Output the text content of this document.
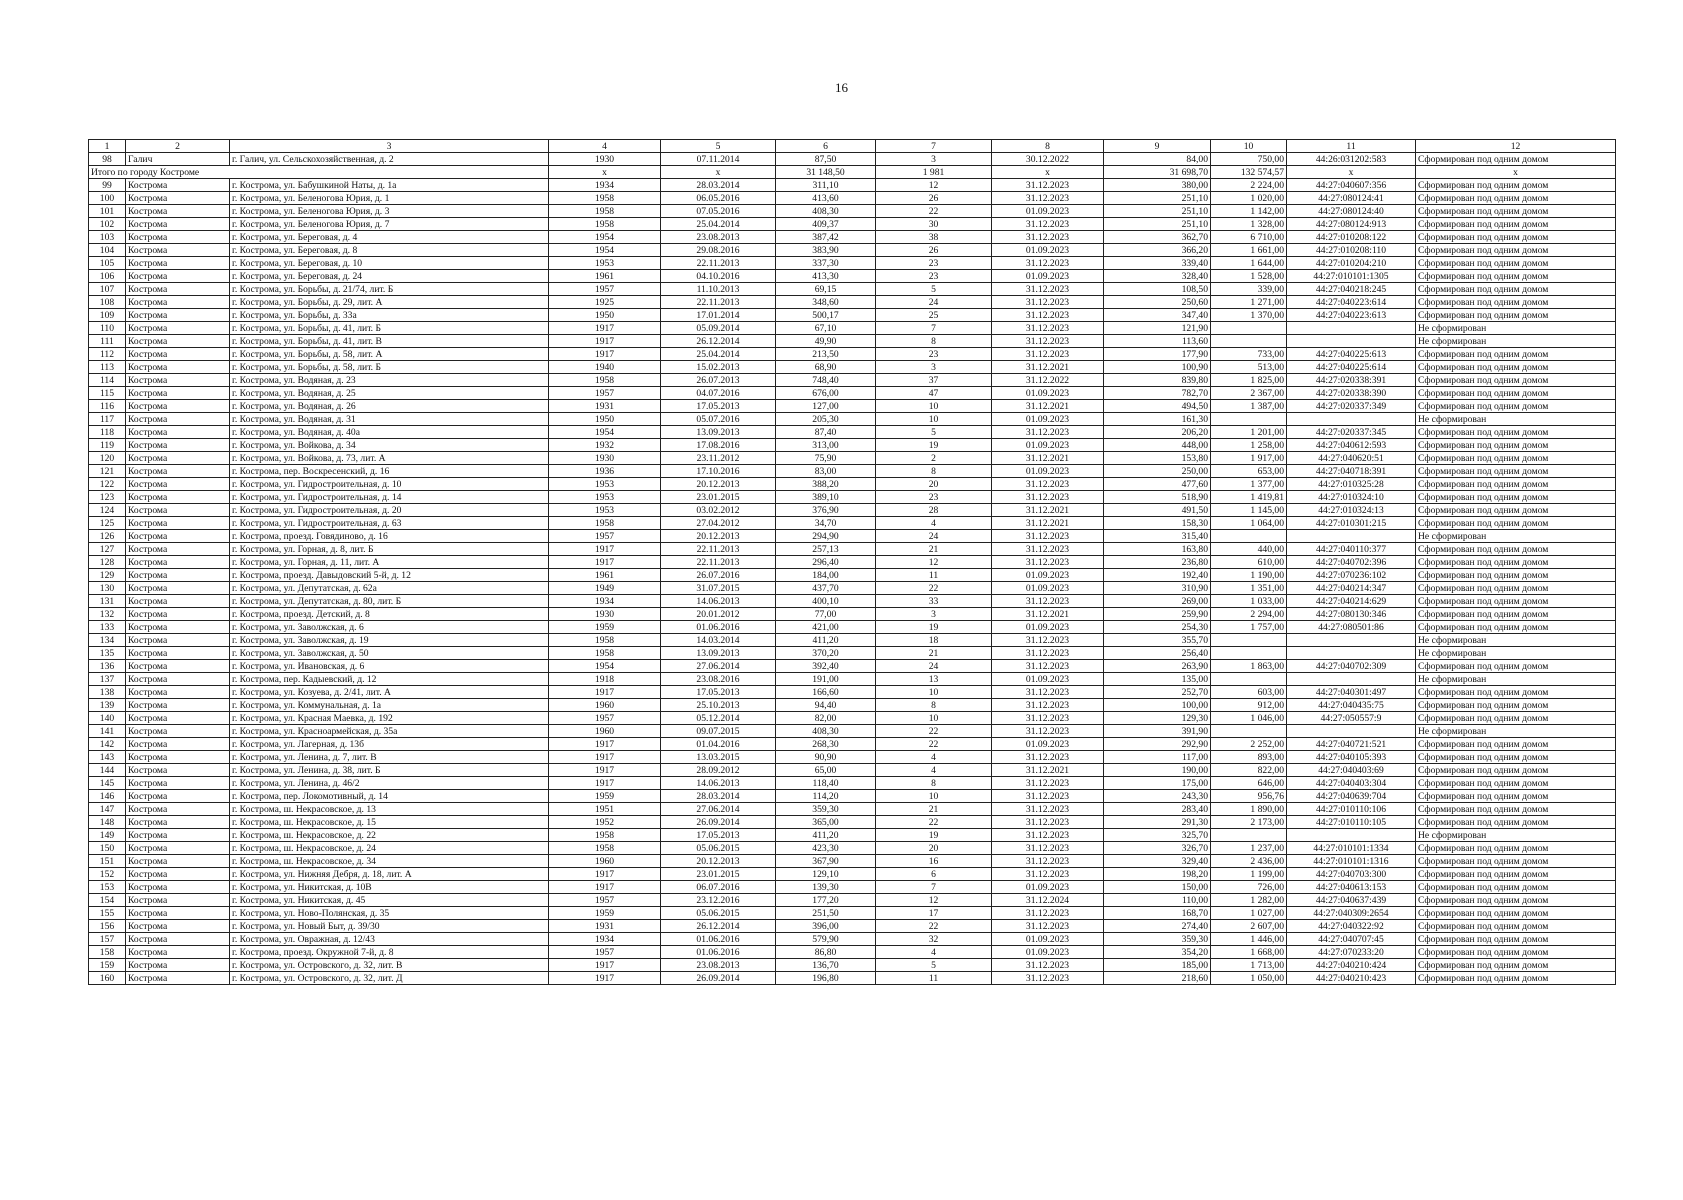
16
1	2	3	4	5	6	7	8	9	10	11	12
98	Галич	г. Галич, ул. Сельскохозяйственная, д. 2	1930	07.11.2014	87,50	3	30.12.2022	84,00	750,00	44:26:031202:583	Сформирован под одним домом
Итого по городу Костроме			x	x	31 148,50	1 981	x	31 698,70	132 574,57	x	x
99	Кострома	г. Кострома, ул. Бабушкиной Наты, д. 1а	1934	28.03.2014	311,10	12	31.12.2023	380,00	2 224,00	44:27:040607:356	Сформирован под одним домом
100	Кострома	г. Кострома, ул. Беленогова Юрия, д. 1	1958	06.05.2016	413,60	26	31.12.2023	251,10	1 020,00	44:27:080124:41	Сформирован под одним домом
101	Кострома	г. Кострома, ул. Беленогова Юрия, д. 3	1958	07.05.2016	408,30	22	01.09.2023	251,10	1 142,00	44:27:080124:40	Сформирован под одним домом
102	Кострома	г. Кострома, ул. Беленогова Юрия, д. 7	1958	25.04.2014	409,37	30	31.12.2023	251,10	1 328,00	44:27:080124:913	Сформирован под одним домом
103	Кострома	г. Кострома, ул. Береговая, д. 4	1954	23.08.2013	387,42	38	31.12.2023	362,70	6 710,00	44:27:010208:122	Сформирован под одним домом
104	Кострома	г. Кострома, ул. Береговая, д. 8	1954	29.08.2016	383,90	26	01.09.2023	366,20	1 661,00	44:27:010208:110	Сформирован под одним домом
105	Кострома	г. Кострома, ул. Береговая, д. 10	1953	22.11.2013	337,30	23	31.12.2023	339,40	1 644,00	44:27:010204:210	Сформирован под одним домом
106	Кострома	г. Кострома, ул. Береговая, д. 24	1961	04.10.2016	413,30	23	01.09.2023	328,40	1 528,00	44:27:010101:1305	Сформирован под одним домом
107	Кострома	г. Кострома, ул. Борьбы, д. 21/74, лит. Б	1957	11.10.2013	69,15	5	31.12.2023	108,50	339,00	44:27:040218:245	Сформирован под одним домом
108	Кострома	г. Кострома, ул. Борьбы, д. 29, лит. А	1925	22.11.2013	348,60	24	31.12.2023	250,60	1 271,00	44:27:040223:614	Сформирован под одним домом
109	Кострома	г. Кострома, ул. Борьбы, д. 33а	1950	17.01.2014	500,17	25	31.12.2023	347,40	1 370,00	44:27:040223:613	Сформирован под одним домом
110	Кострома	г. Кострома, ул. Борьбы, д. 41, лит. Б	1917	05.09.2014	67,10	7	31.12.2023	121,90			Не сформирован
111	Кострома	г. Кострома, ул. Борьбы, д. 41, лит. В	1917	26.12.2014	49,90	8	31.12.2023	113,60			Не сформирован
112	Кострома	г. Кострома, ул. Борьбы, д. 58, лит. А	1917	25.04.2014	213,50	23	31.12.2023	177,90	733,00	44:27:040225:613	Сформирован под одним домом
113	Кострома	г. Кострома, ул. Борьбы, д. 58, лит. Б	1940	15.02.2013	68,90	3	31.12.2021	100,90	513,00	44:27:040225:614	Сформирован под одним домом
114	Кострома	г. Кострома, ул. Водяная, д. 23	1958	26.07.2013	748,40	37	31.12.2022	839,80	1 825,00	44:27:020338:391	Сформирован под одним домом
115	Кострома	г. Кострома, ул. Водяная, д. 25	1957	04.07.2016	676,00	47	01.09.2023	782,70	2 367,00	44:27:020338:390	Сформирован под одним домом
116	Кострома	г. Кострома, ул. Водяная, д. 26	1931	17.05.2013	127,00	10	31.12.2021	494,50	1 387,00	44:27:020337:349	Сформирован под одним домом
117	Кострома	г. Кострома, ул. Водяная, д. 31	1950	05.07.2016	205,30	10	01.09.2023	161,30			Не сформирован
118	Кострома	г. Кострома, ул. Водяная, д. 40а	1954	13.09.2013	87,40	5	31.12.2023	206,20	1 201,00	44:27:020337:345	Сформирован под одним домом
119	Кострома	г. Кострома, ул. Войкова, д. 34	1932	17.08.2016	313,00	19	01.09.2023	448,00	1 258,00	44:27:040612:593	Сформирован под одним домом
120	Кострома	г. Кострома, ул. Войкова, д. 73, лит. А	1930	23.11.2012	75,90	2	31.12.2021	153,80	1 917,00	44:27:040620:51	Сформирован под одним домом
121	Кострома	г. Кострома, пер. Воскресенский, д. 16	1936	17.10.2016	83,00	8	01.09.2023	250,00	653,00	44:27:040718:391	Сформирован под одним домом
122	Кострома	г. Кострома, ул. Гидростроительная, д. 10	1953	20.12.2013	388,20	20	31.12.2023	477,60	1 377,00	44:27:010325:28	Сформирован под одним домом
123	Кострома	г. Кострома, ул. Гидростроительная, д. 14	1953	23.01.2015	389,10	23	31.12.2023	518,90	1 419,81	44:27:010324:10	Сформирован под одним домом
124	Кострома	г. Кострома, ул. Гидростроительная, д. 20	1953	03.02.2012	376,90	28	31.12.2021	491,50	1 145,00	44:27:010324:13	Сформирован под одним домом
125	Кострома	г. Кострома, ул. Гидростроительная, д. 63	1958	27.04.2012	34,70	4	31.12.2021	158,30	1 064,00	44:27:010301:215	Сформирован под одним домом
126	Кострома	г. Кострома, проезд. Говядиново, д. 16	1957	20.12.2013	294,90	24	31.12.2023	315,40			Не сформирован
127	Кострома	г. Кострома, ул. Горная, д. 8, лит. Б	1917	22.11.2013	257,13	21	31.12.2023	163,80	440,00	44:27:040110:377	Сформирован под одним домом
128	Кострома	г. Кострома, ул. Горная, д. 11, лит. А	1917	22.11.2013	296,40	12	31.12.2023	236,80	610,00	44:27:040702:396	Сформирован под одним домом
129	Кострома	г. Кострома, проезд. Давыдовский 5-й, д. 12	1961	26.07.2016	184,00	11	01.09.2023	192,40	1 190,00	44:27:070236:102	Сформирован под одним домом
130	Кострома	г. Кострома, ул. Депутатская, д. 62а	1949	31.07.2015	437,70	22	01.09.2023	310,90	1 351,00	44:27:040214:347	Сформирован под одним домом
131	Кострома	г. Кострома, ул. Депутатская, д. 80, лит. Б	1934	14.06.2013	400,10	33	31.12.2023	269,00	1 033,00	44:27:040214:629	Сформирован под одним домом
132	Кострома	г. Кострома, проезд. Детский, д. 8	1930	20.01.2012	77,00	3	31.12.2021	259,90	2 294,00	44:27:080130:346	Сформирован под одним домом
133	Кострома	г. Кострома, ул. Заволжская, д. 6	1959	01.06.2016	421,00	19	01.09.2023	254,30	1 757,00	44:27:080501:86	Сформирован под одним домом
134	Кострома	г. Кострома, ул. Заволжская, д. 19	1958	14.03.2014	411,20	18	31.12.2023	355,70			Не сформирован
135	Кострома	г. Кострома, ул. Заволжская, д. 50	1958	13.09.2013	370,20	21	31.12.2023	256,40			Не сформирован
136	Кострома	г. Кострома, ул. Ивановская, д. 6	1954	27.06.2014	392,40	24	31.12.2023	263,90	1 863,00	44:27:040702:309	Сформирован под одним домом
137	Кострома	г. Кострома, пер. Кадыевский, д. 12	1918	23.08.2016	191,00	13	01.09.2023	135,00			Не сформирован
138	Кострома	г. Кострома, ул. Козуева, д. 2/41, лит. А	1917	17.05.2013	166,60	10	31.12.2023	252,70	603,00	44:27:040301:497	Сформирован под одним домом
139	Кострома	г. Кострома, ул. Коммунальная, д. 1а	1960	25.10.2013	94,40	8	31.12.2023	100,00	912,00	44:27:040435:75	Сформирован под одним домом
140	Кострома	г. Кострома, ул. Красная Маевка, д. 192	1957	05.12.2014	82,00	10	31.12.2023	129,30	1 046,00	44:27:050557:9	Сформирован под одним домом
141	Кострома	г. Кострома, ул. Красноармейская, д. 35а	1960	09.07.2015	408,30	22	31.12.2023	391,90			Не сформирован
142	Кострома	г. Кострома, ул. Лагерная, д. 13б	1917	01.04.2016	268,30	22	01.09.2023	292,90	2 252,00	44:27:040721:521	Сформирован под одним домом
143	Кострома	г. Кострома, ул. Ленина, д. 7, лит. В	1917	13.03.2015	90,90	4	31.12.2023	117,00	893,00	44:27:040105:393	Сформирован под одним домом
144	Кострома	г. Кострома, ул. Ленина, д. 38, лит. Б	1917	28.09.2012	65,00	4	31.12.2021	190,00	822,00	44:27:040403:69	Сформирован под одним домом
145	Кострома	г. Кострома, ул. Ленина, д. 46/2	1917	14.06.2013	118,40	8	31.12.2023	175,00	646,00	44:27:040403:304	Сформирован под одним домом
146	Кострома	г. Кострома, пер. Локомотивный, д. 14	1959	28.03.2014	114,20	10	31.12.2023	243,30	956,76	44:27:040639:704	Сформирован под одним домом
147	Кострома	г. Кострома, ш. Некрасовское, д. 13	1951	27.06.2014	359,30	21	31.12.2023	283,40	1 890,00	44:27:010110:106	Сформирован под одним домом
148	Кострома	г. Кострома, ш. Некрасовское, д. 15	1952	26.09.2014	365,00	22	31.12.2023	291,30	2 173,00	44:27:010110:105	Сформирован под одним домом
149	Кострома	г. Кострома, ш. Некрасовское, д. 22	1958	17.05.2013	411,20	19	31.12.2023	325,70			Не сформирован
150	Кострома	г. Кострома, ш. Некрасовское, д. 24	1958	05.06.2015	423,30	20	31.12.2023	326,70	1 237,00	44:27:010101:1334	Сформирован под одним домом
151	Кострома	г. Кострома, ш. Некрасовское, д. 34	1960	20.12.2013	367,90	16	31.12.2023	329,40	2 436,00	44:27:010101:1316	Сформирован под одним домом
152	Кострома	г. Кострома, ул. Нижняя Дебря, д. 18, лит. А	1917	23.01.2015	129,10	6	31.12.2023	198,20	1 199,00	44:27:040703:300	Сформирован под одним домом
153	Кострома	г. Кострома, ул. Никитская, д. 10В	1917	06.07.2016	139,30	7	01.09.2023	150,00	726,00	44:27:040613:153	Сформирован под одним домом
154	Кострома	г. Кострома, ул. Никитская, д. 45	1957	23.12.2016	177,20	12	31.12.2024	110,00	1 282,00	44:27:040637:439	Сформирован под одним домом
155	Кострома	г. Кострома, ул. Ново-Полянская, д. 35	1959	05.06.2015	251,50	17	31.12.2023	168,70	1 027,00	44:27:040309:2654	Сформирован под одним домом
156	Кострома	г. Кострома, ул. Новый Быт, д. 39/30	1931	26.12.2014	396,00	22	31.12.2023	274,40	2 607,00	44:27:040322:92	Сформирован под одним домом
157	Кострома	г. Кострома, ул. Овражная, д. 12/43	1934	01.06.2016	579,90	32	01.09.2023	359,30	1 446,00	44:27:040707:45	Сформирован под одним домом
158	Кострома	г. Кострома, проезд. Окружной 7-й, д. 8	1957	01.06.2016	86,80	4	01.09.2023	354,20	1 668,00	44:27:070233:20	Сформирован под одним домом
159	Кострома	г. Кострома, ул. Островского, д. 32, лит. В	1917	23.08.2013	136,70	5	31.12.2023	185,00	1 713,00	44:27:040210:424	Сформирован под одним домом
160	Кострома	г. Кострома, ул. Островского, д. 32, лит. Д	1917	26.09.2014	196,80	11	31.12.2023	218,60	1 050,00	44:27:040210:423	Сформирован под одним домом
